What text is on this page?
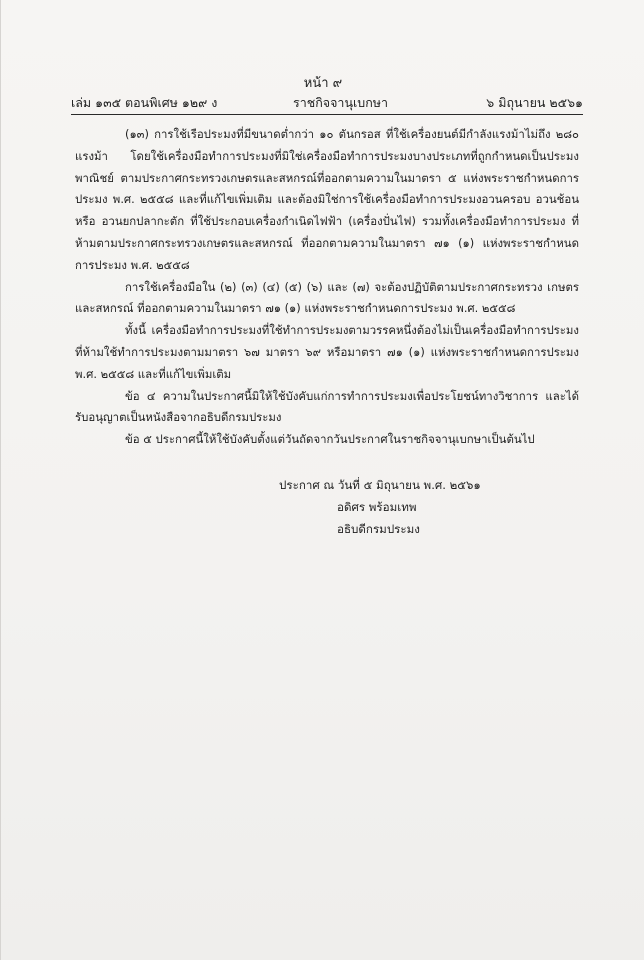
หน้า ๙
เล่ม ๑๓๕ ตอนพิเศษ ๑๒๙ ง	ราชกิจจานุเบกษา	๖ มิถุนายน ๒๕๖๑

(๑๓) การใช้เรือประมงที่มีขนาดต่ำกว่า ๑๐ ตันกรอส ที่ใช้เครื่องยนต์มีกำลังแรงม้าไม่ถึง ๒๘๐ แรงม้า โดยใช้เครื่องมือทำการประมงที่มิใช่เครื่องมือทำการประมงบางประเภทที่ถูกกำหนดเป็นประมงพาณิชย์ ตามประกาศกระทรวงเกษตรและสหกรณ์ที่ออกตามความในมาตรา ๕ แห่งพระราชกำหนดการประมง พ.ศ. ๒๕๕๘ และที่แก้ไขเพิ่มเติม และต้องมิใช่การใช้เครื่องมือทำการประมงอวนครอบ อวนช้อน หรือ อวนยกปลากะตัก ที่ใช้ประกอบเครื่องกำเนิดไฟฟ้า (เครื่องปั่นไฟ) รวมทั้งเครื่องมือทำการประมง ที่ห้ามตามประกาศกระทรวงเกษตรและสหกรณ์ ที่ออกตามความในมาตรา ๗๑ (๑) แห่งพระราชกำหนด การประมง พ.ศ. ๒๕๕๘

การใช้เครื่องมือใน (๒) (๓) (๔) (๕) (๖) และ (๗) จะต้องปฏิบัติตามประกาศกระทรวง เกษตรและสหกรณ์ ที่ออกตามความในมาตรา ๗๑ (๑) แห่งพระราชกำหนดการประมง พ.ศ. ๒๕๕๘

ทั้งนี้ เครื่องมือทำการประมงที่ใช้ทำการประมงตามวรรคหนึ่งต้องไม่เป็นเครื่องมือทำการประมง ที่ห้ามใช้ทำการประมงตามมาตรา ๖๗ มาตรา ๖๙ หรือมาตรา ๗๑ (๑) แห่งพระราชกำหนดการประมง พ.ศ. ๒๕๕๘ และที่แก้ไขเพิ่มเติม

ข้อ ๔ ความในประกาศนี้มิให้ใช้บังคับแก่การทำการประมงเพื่อประโยชน์ทางวิชาการ และได้รับอนุญาตเป็นหนังสือจากอธิบดีกรมประมง

ข้อ ๕ ประกาศนี้ให้ใช้บังคับตั้งแต่วันถัดจากวันประกาศในราชกิจจานุเบกษาเป็นต้นไป

ประกาศ ณ วันที่ ๕ มิถุนายน พ.ศ. ๒๕๖๑
อดิศร พร้อมเทพ
อธิบดีกรมประมง
